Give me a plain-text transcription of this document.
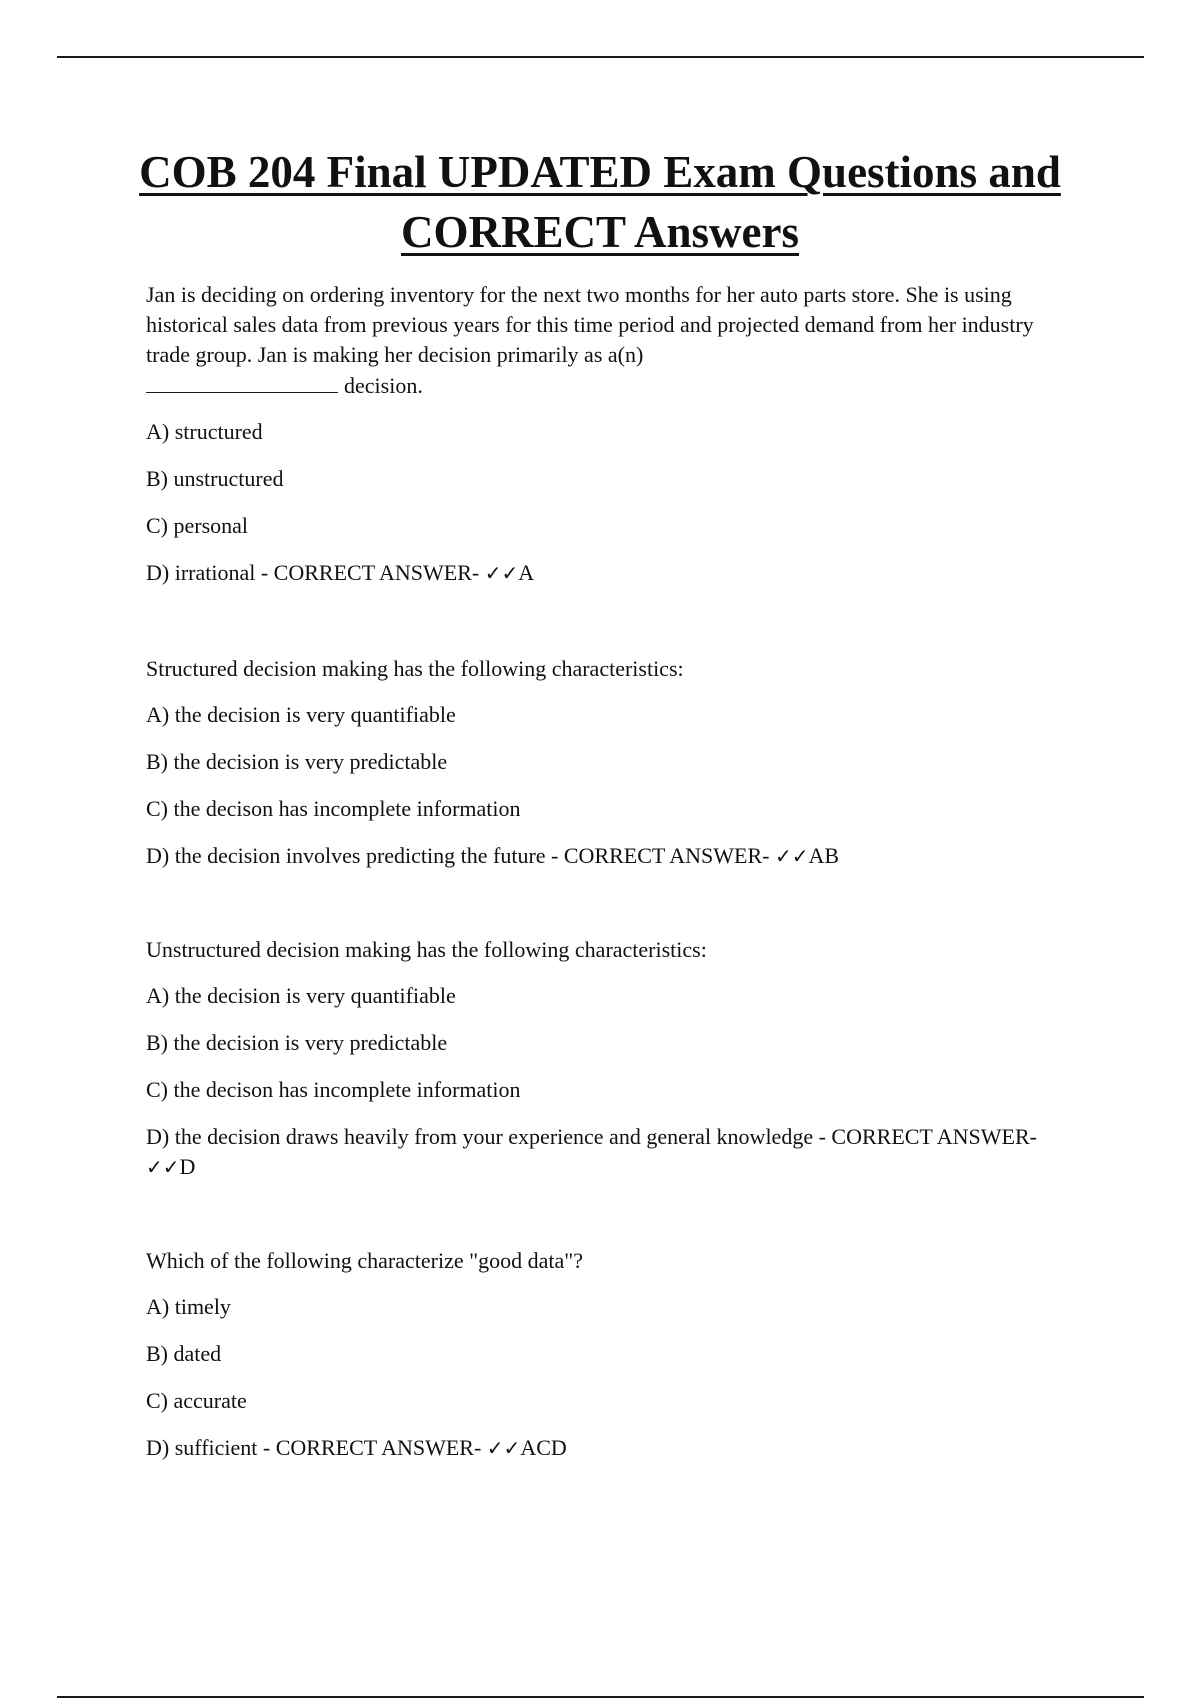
COB 204 Final UPDATED Exam Questions and CORRECT Answers

Jan is deciding on ordering inventory for the next two months for her auto parts store. She is using historical sales data from previous years for this time period and projected demand from her industry trade group. Jan is making her decision primarily as a(n)
decision.

A) structured

B) unstructured

C) personal

D) irrational - CORRECT ANSWER- ✓✓A

Structured decision making has the following characteristics:

A) the decision is very quantifiable

B) the decision is very predictable

C) the decison has incomplete information

D) the decision involves predicting the future - CORRECT ANSWER- ✓✓AB

Unstructured decision making has the following characteristics:

A) the decision is very quantifiable

B) the decision is very predictable

C) the decison has incomplete information

D) the decision draws heavily from your experience and general knowledge - CORRECT ANSWER- ✓✓D

Which of the following characterize "good data"?

A) timely

B) dated

C) accurate

D) sufficient - CORRECT ANSWER- ✓✓ACD
